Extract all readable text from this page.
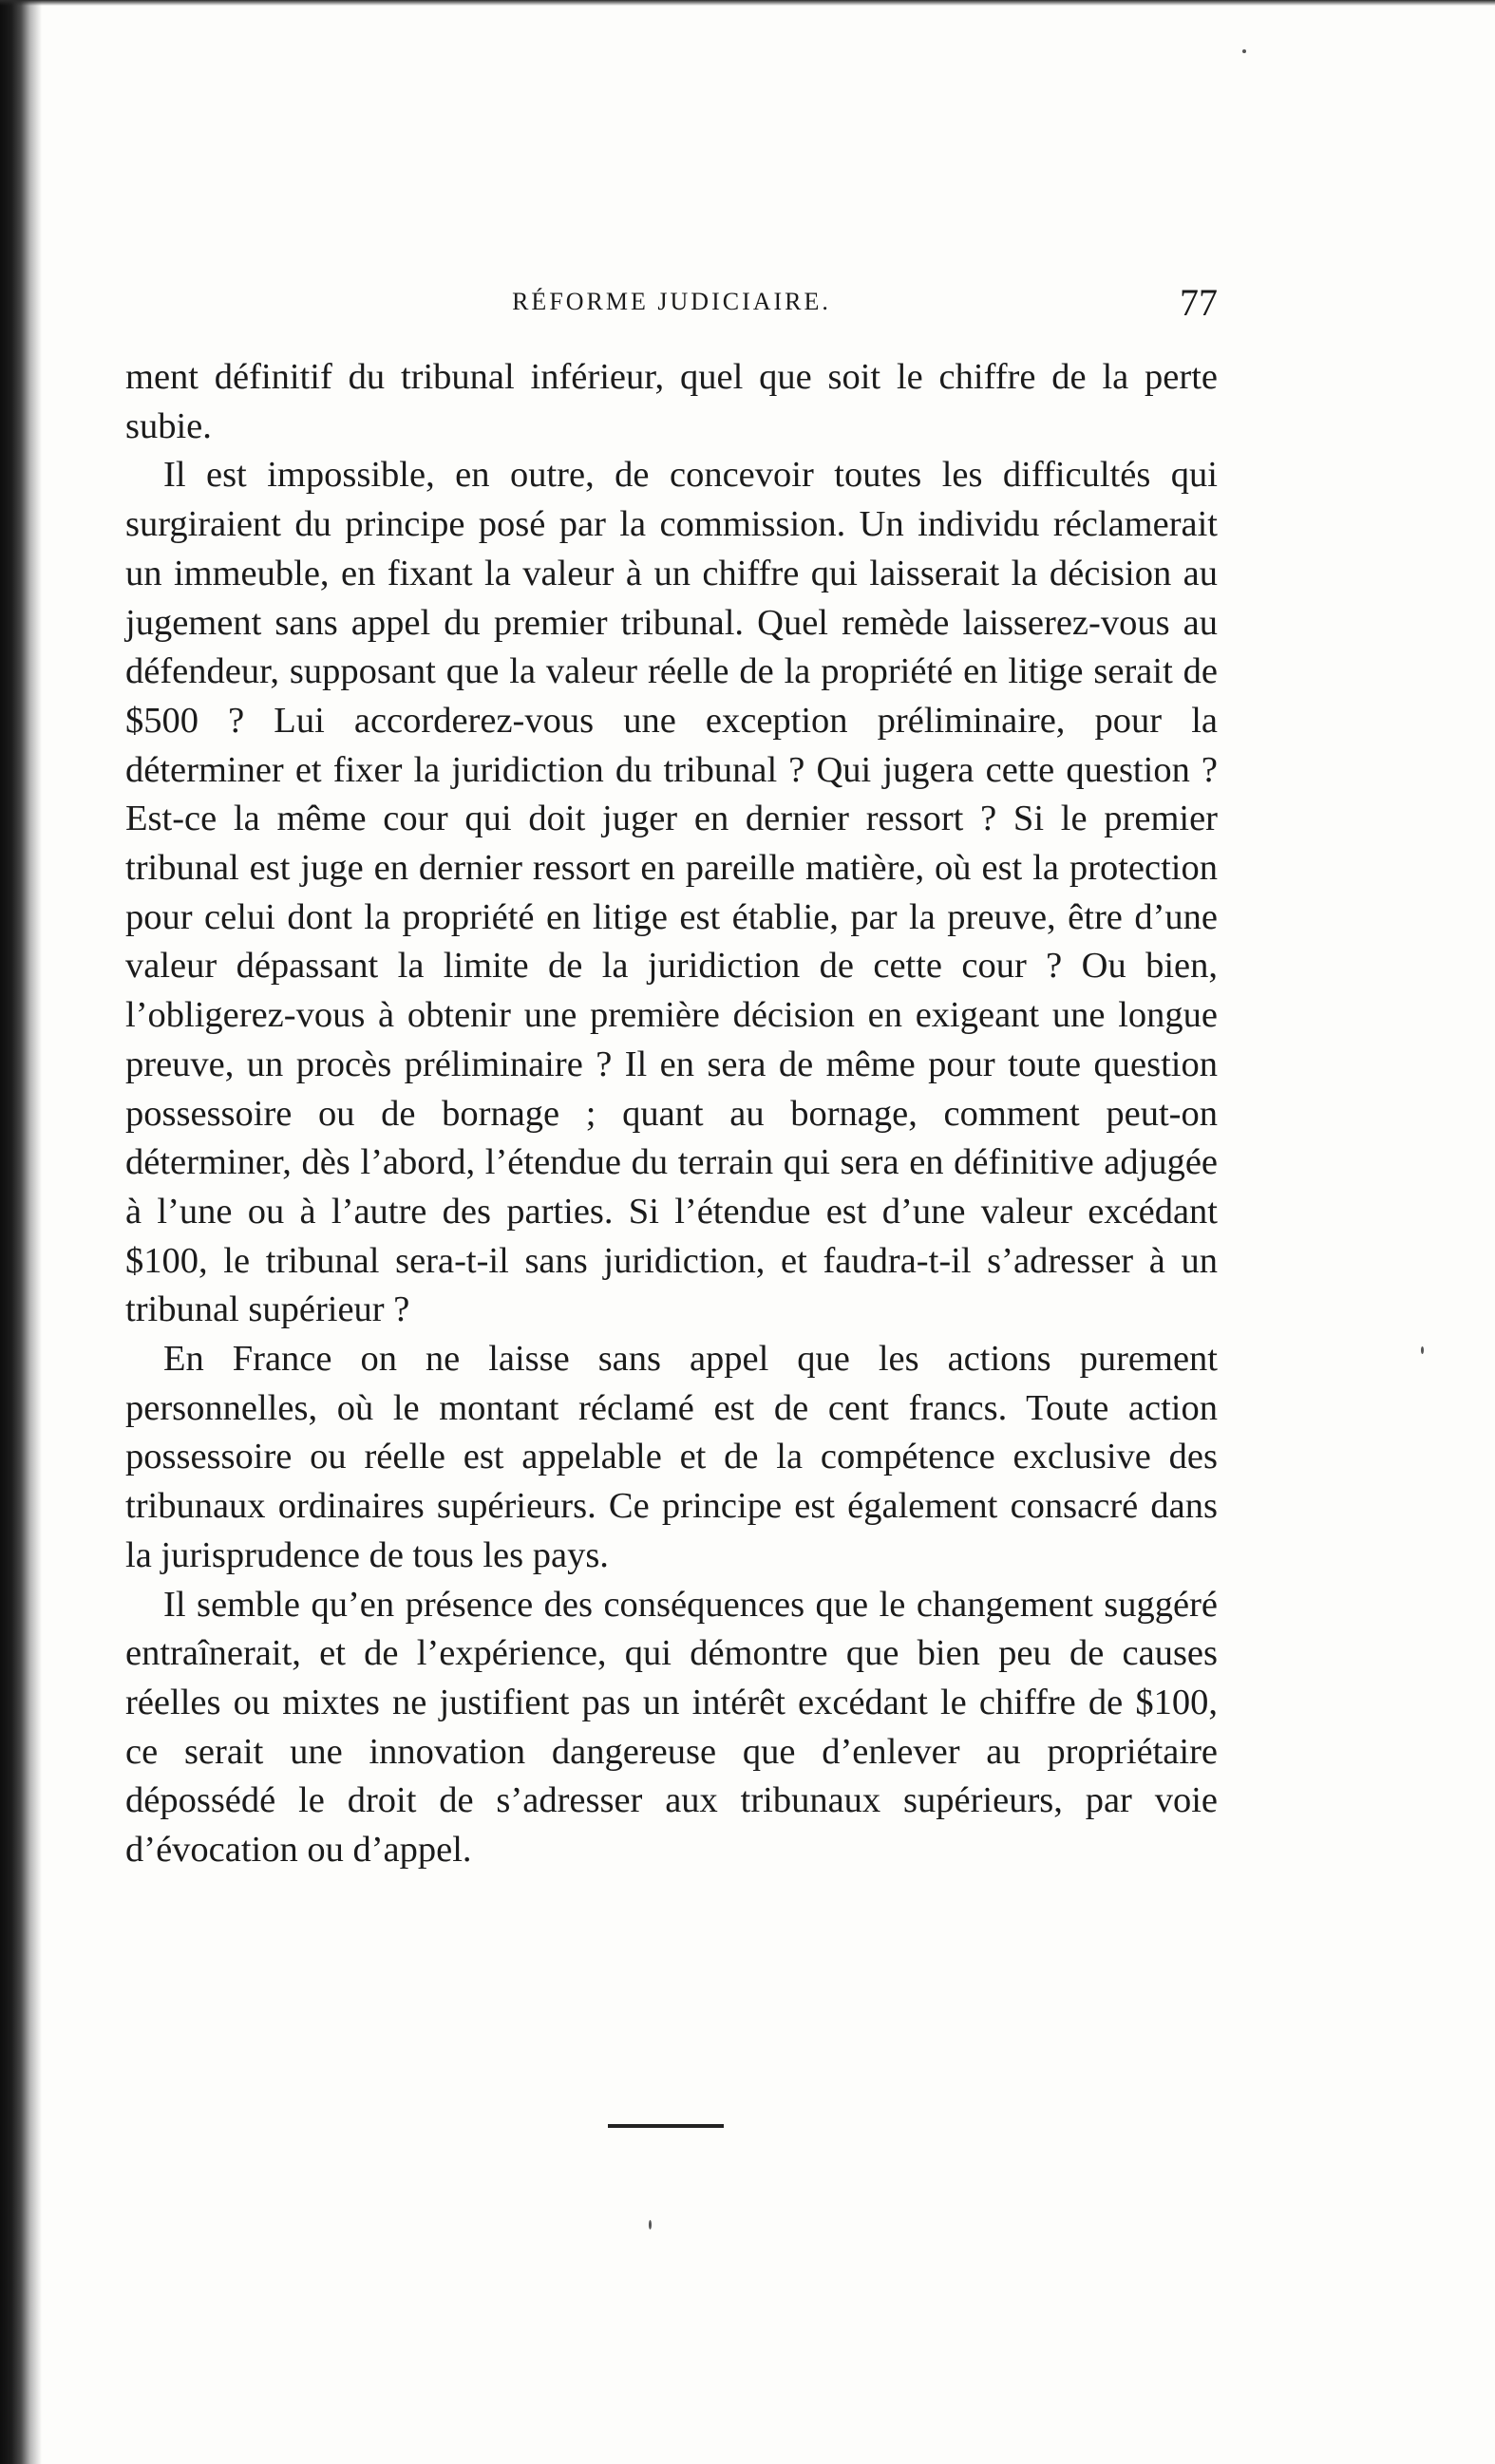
RÉFORME JUDICIAIRE.	77

ment définitif du tribunal inférieur, quel que soit le chiffre de la perte subie.

Il est impossible, en outre, de concevoir toutes les difficultés qui surgiraient du principe posé par la commission. Un individu réclamerait un immeuble, en fixant la valeur à un chiffre qui laisserait la décision au jugement sans appel du premier tribunal. Quel remède laisserez-vous au défendeur, supposant que la valeur réelle de la propriété en litige serait de $500 ? Lui accorderez-vous une exception préliminaire, pour la déterminer et fixer la juridiction du tribunal ? Qui jugera cette question ? Est-ce la même cour qui doit juger en dernier ressort ? Si le premier tribunal est juge en dernier ressort en pareille matière, où est la protection pour celui dont la propriété en litige est établie, par la preuve, être d’une valeur dépassant la limite de la juridiction de cette cour ? Ou bien, l’obligerez-vous à obtenir une première décision en exigeant une longue preuve, un procès préliminaire ? Il en sera de même pour toute question possessoire ou de bornage ; quant au bornage, comment peut-on déterminer, dès l’abord, l’étendue du terrain qui sera en définitive adjugée à l’une ou à l’autre des parties. Si l’étendue est d’une valeur excédant $100, le tribunal sera-t-il sans juridiction, et faudra-t-il s’adresser à un tribunal supérieur ?

En France on ne laisse sans appel que les actions purement personnelles, où le montant réclamé est de cent francs. Toute action possessoire ou réelle est appelable et de la compétence exclusive des tribunaux ordinaires supérieurs. Ce principe est également consacré dans la jurisprudence de tous les pays.

Il semble qu’en présence des conséquences que le changement suggéré entraînerait, et de l’expérience, qui démontre que bien peu de causes réelles ou mixtes ne justifient pas un intérêt excédant le chiffre de $100, ce serait une innovation dangereuse que d’enlever au propriétaire dépossédé le droit de s’adresser aux tribunaux supérieurs, par voie d’évocation ou d’appel.
